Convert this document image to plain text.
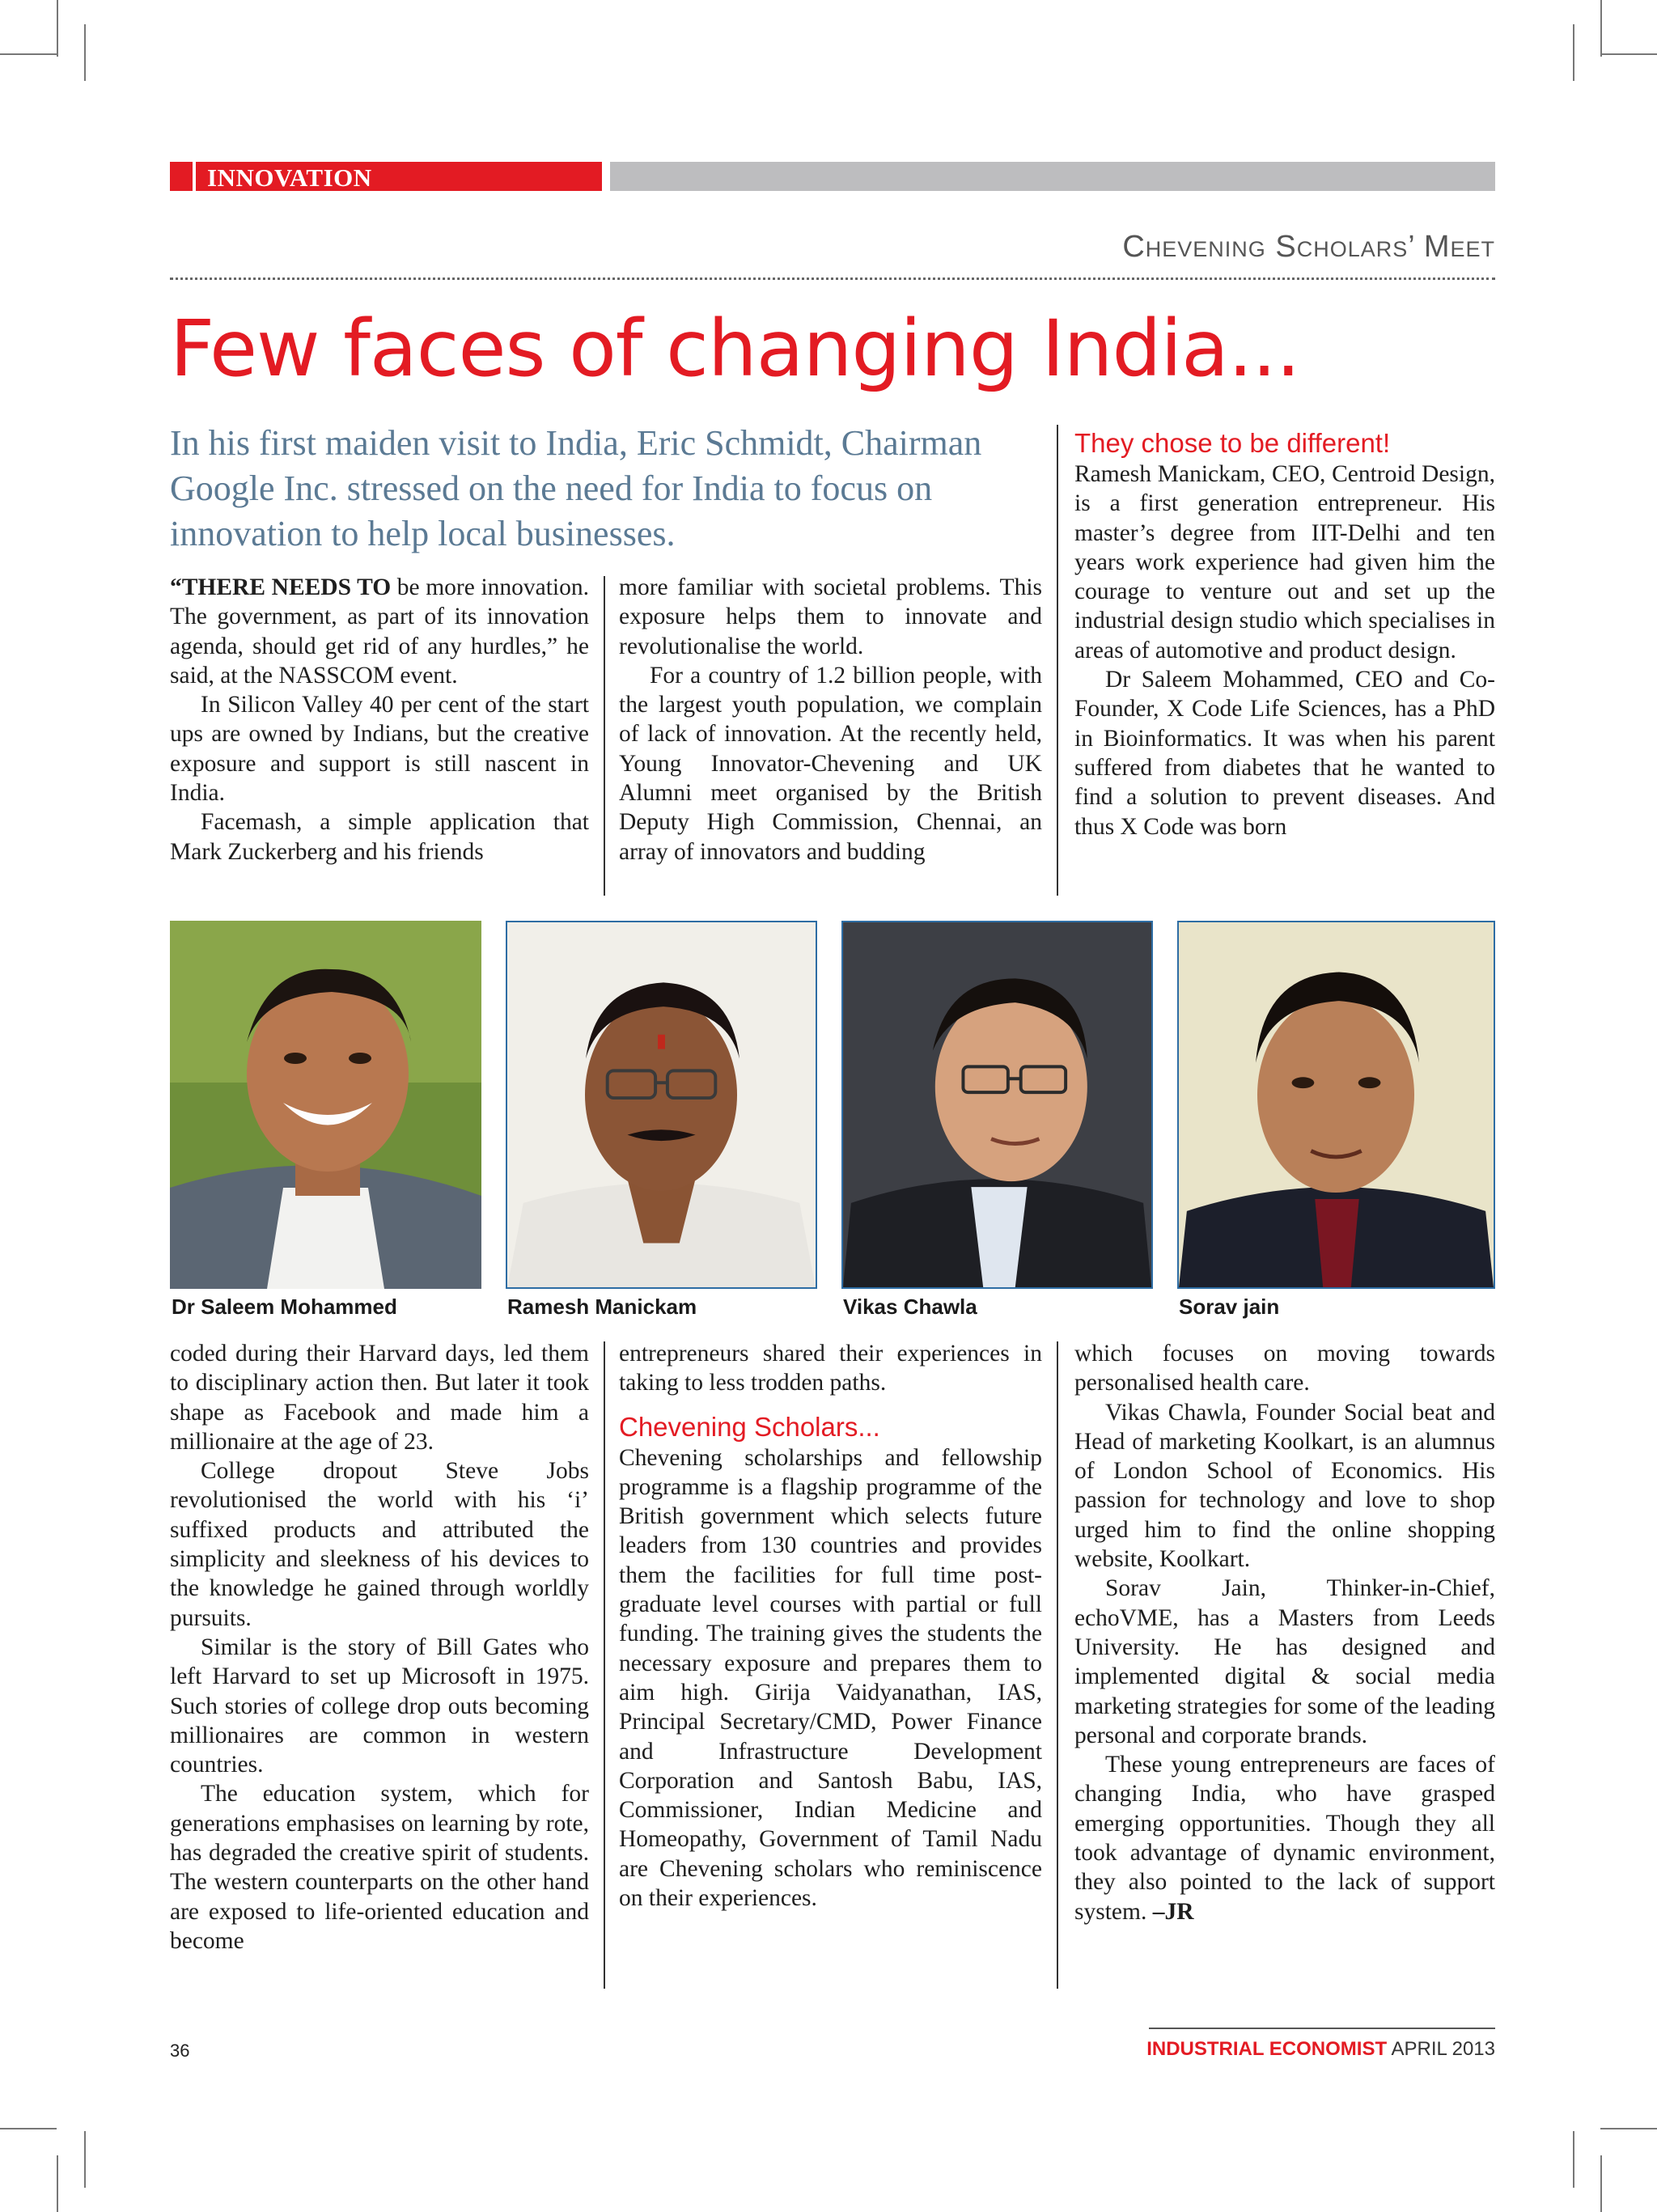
INNOVATION
Chevening Scholars’ Meet
Few faces of changing India...

In his first maiden visit to India, Eric Schmidt, Chairman Google Inc. stressed on the need for India to focus on innovation to help local businesses.

“THERE NEEDS TO be more innovation. The government, as part of its innovation agenda, should get rid of any hurdles,” he said, at the NASSCOM event.

In Silicon Valley 40 per cent of the start ups are owned by Indians, but the creative exposure and support is still nascent in India.

Facemash, a simple application that Mark Zuckerberg and his friends

more familiar with societal problems. This exposure helps them to innovate and revolutionalise the world.

For a country of 1.2 billion people, with the largest youth population, we complain of lack of innovation. At the recently held, Young Innovator-Chevening and UK Alumni meet organised by the British Deputy High Commission, Chennai, an array of innovators and budding

They chose to be different!

Ramesh Manickam, CEO, Centroid Design, is a first generation entrepreneur. His master’s degree from IIT-Delhi and ten years work experience had given him the courage to venture out and set up the industrial design studio which specialises in areas of automotive and product design.

Dr Saleem Mohammed, CEO and Co-Founder, X Code Life Sciences, has a PhD in Bioinformatics. It was when his parent suffered from diabetes that he wanted to find a solution to prevent diseases. And thus X Code was born

Dr Saleem Mohammed	Ramesh Manickam	Vikas Chawla	Sorav jain

coded during their Harvard days, led them to disciplinary action then. But later it took shape as Facebook and made him a millionaire at the age of 23.

College dropout Steve Jobs revolutionised the world with his ‘i’ suffixed products and attributed the simplicity and sleekness of his devices to the knowledge he gained through worldly pursuits.

Similar is the story of Bill Gates who left Harvard to set up Microsoft in 1975. Such stories of college drop outs becoming millionaires are common in western countries.

The education system, which for generations emphasises on learning by rote, has degraded the creative spirit of students. The western counterparts on the other hand are exposed to life-oriented education and become

entrepreneurs shared their experiences in taking to less trodden paths.

Chevening Scholars...

Chevening scholarships and fellowship programme is a flagship programme of the British government which selects future leaders from 130 countries and provides them the facilities for full time post-graduate level courses with partial or full funding. The training gives the students the necessary exposure and prepares them to aim high. Girija Vaidyanathan, IAS, Principal Secretary/CMD, Power Finance and Infrastructure Development Corporation and Santosh Babu, IAS, Commissioner, Indian Medicine and Homeopathy, Government of Tamil Nadu are Chevening scholars who reminiscence on their experiences.

which focuses on moving towards personalised health care.

Vikas Chawla, Founder Social beat and Head of marketing Koolkart, is an alumnus of London School of Economics. His passion for technology and love to shop urged him to find the online shopping website, Koolkart.

Sorav Jain, Thinker-in-Chief, echoVME, has a Masters from Leeds University. He has designed and implemented digital & social media marketing strategies for some of the leading personal and corporate brands.

These young entrepreneurs are faces of changing India, who have grasped emerging opportunities. Though they all took advantage of dynamic environment, they also pointed to the lack of support system. –JR

36	INDUSTRIAL ECONOMIST APRIL 2013
